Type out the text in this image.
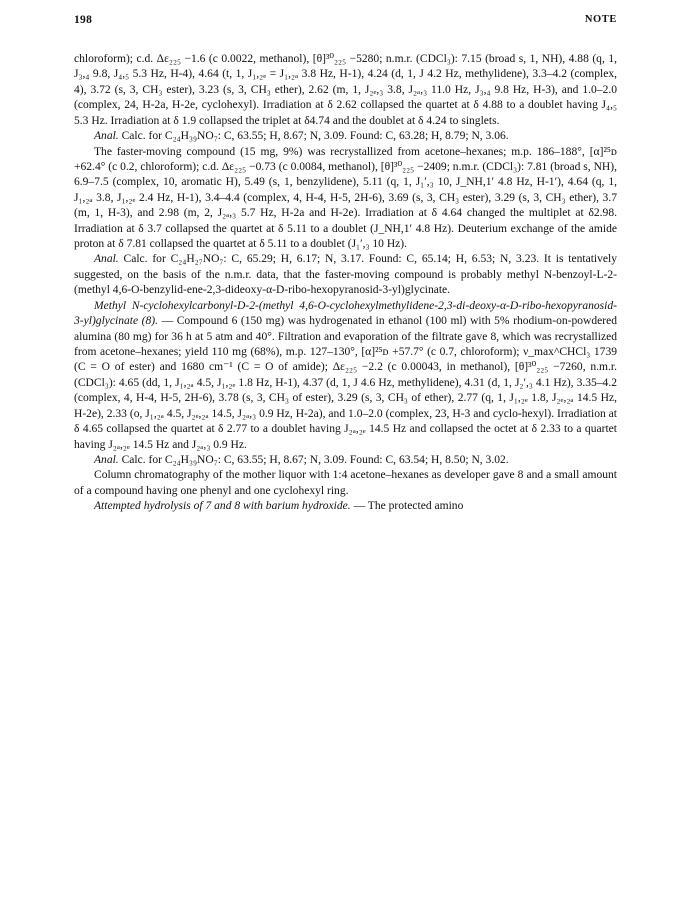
198	NOTE

chloroform); c.d. Δε₂₂₅ −1.6 (c 0.0022, methanol), [θ]³⁰₂₂₅ −5280; n.m.r. (CDCl₃): 7.15 (broad s, 1, NH), 4.88 (q, 1, J₃,₄ 9.8, J₄,₅ 5.3 Hz, H-4), 4.64 (t, 1, J₁,₂ₑ = J₁,₂ₐ 3.8 Hz, H-1), 4.24 (d, 1, J 4.2 Hz, methylidene), 3.3–4.2 (complex, 4), 3.72 (s, 3, CH₃ ester), 3.23 (s, 3, CH₃ ether), 2.62 (m, 1, J₂ₑ,₃ 3.8, J₂ₐ,₃ 11.0 Hz, J₃,₄ 9.8 Hz, H-3), and 1.0–2.0 (complex, 24, H-2a, H-2e, cyclohexyl). Irradiation at δ 2.62 collapsed the quartet at δ 4.88 to a doublet having J₄,₅ 5.3 Hz. Irradiation at δ 1.9 collapsed the triplet at δ4.74 and the doublet at δ 4.24 to singlets.

Anal. Calc. for C₂₄H₃₉NO₇: C, 63.55; H, 8.67; N, 3.09. Found: C, 63.28; H, 8.79; N, 3.06.

The faster-moving compound (15 mg, 9%) was recrystallized from acetone–hexanes; m.p. 186–188°, [α]²⁵ᴅ +62.4° (c 0.2, chloroform); c.d. Δε₂₂₅ −0.73 (c 0.0084, methanol), [θ]³⁰₂₂₅ −2409; n.m.r. (CDCl₃): 7.81 (broad s, NH), 6.9–7.5 (complex, 10, aromatic H), 5.49 (s, 1, benzylidene), 5.11 (q, 1, J₁′,₃ 10, J_NH,1′ 4.8 Hz, H-1′), 4.64 (q, 1, J₁,₂ₐ 3.8, J₁,₂ₑ 2.4 Hz, H-1), 3.4–4.4 (complex, 4, H-4, H-5, 2H-6), 3.69 (s, 3, CH₃ ester), 3.29 (s, 3, CH₃ ether), 3.7 (m, 1, H-3), and 2.98 (m, 2, J₂ₐ,₃ 5.7 Hz, H-2a and H-2e). Irradiation at δ 4.64 changed the multiplet at δ2.98. Irradiation at δ 3.7 collapsed the quartet at δ 5.11 to a doublet (J_NH,1′ 4.8 Hz). Deuterium exchange of the amide proton at δ 7.81 collapsed the quartet at δ 5.11 to a doublet (J₁′,₃ 10 Hz).

Anal. Calc. for C₂₄H₂₇NO₇: C, 65.29; H, 6.17; N, 3.17. Found: C, 65.14; H, 6.53; N, 3.23. It is tentatively suggested, on the basis of the n.m.r. data, that the faster-moving compound is probably methyl N-benzoyl-L-2-(methyl 4,6-O-benzylid-ene-2,3-dideoxy-α-D-ribo-hexopyranosid-3-yl)glycinate.

Methyl N-cyclohexylcarbonyl-D-2-(methyl 4,6-O-cyclohexylmethylidene-2,3-di-deoxy-α-D-ribo-hexopyranosid-3-yl)glycinate (8). — Compound 6 (150 mg) was hydrogenated in ethanol (100 ml) with 5% rhodium-on-powdered alumina (80 mg) for 36 h at 5 atm and 40°. Filtration and evaporation of the filtrate gave 8, which was recrystallized from acetone–hexanes; yield 110 mg (68%), m.p. 127–130°, [α]²⁵ᴅ +57.7° (c 0.7, chloroform); ν_max^CHCl₃ 1739 (C = O of ester) and 1680 cm⁻¹ (C = O of amide); Δε₂₂₅ −2.2 (c 0.00043, in methanol), [θ]³⁰₂₂₅ −7260, n.m.r. (CDCl₃): 4.65 (dd, 1, J₁,₂ₐ 4.5, J₁,₂ₑ 1.8 Hz, H-1), 4.37 (d, 1, J 4.6 Hz, methylidene), 4.31 (d, 1, J₂′,₃ 4.1 Hz), 3.35–4.2 (complex, 4, H-4, H-5, 2H-6), 3.78 (s, 3, CH₃ of ester), 3.29 (s, 3, CH₃ of ether), 2.77 (q, 1, J₁,₂ₑ 1.8, J₂ₑ,₂ₐ 14.5 Hz, H-2e), 2.33 (o, J₁,₂ₐ 4.5, J₂ₑ,₂ₐ 14.5, J₂ₐ,₃ 0.9 Hz, H-2a), and 1.0–2.0 (complex, 23, H-3 and cyclo-hexyl). Irradiation at δ 4.65 collapsed the quartet at δ 2.77 to a doublet having J₂ₐ,₂ₑ 14.5 Hz and collapsed the octet at δ 2.33 to a quartet having J₂ₐ,₂ₑ 14.5 Hz and J₂ₐ,₃ 0.9 Hz.

Anal. Calc. for C₂₄H₃₉NO₇: C, 63.55; H, 8.67; N, 3.09. Found: C, 63.54; H, 8.50; N, 3.02.

Column chromatography of the mother liquor with 1:4 acetone–hexanes as developer gave 8 and a small amount of a compound having one phenyl and one cyclohexyl ring.

Attempted hydrolysis of 7 and 8 with barium hydroxide. — The protected amino
